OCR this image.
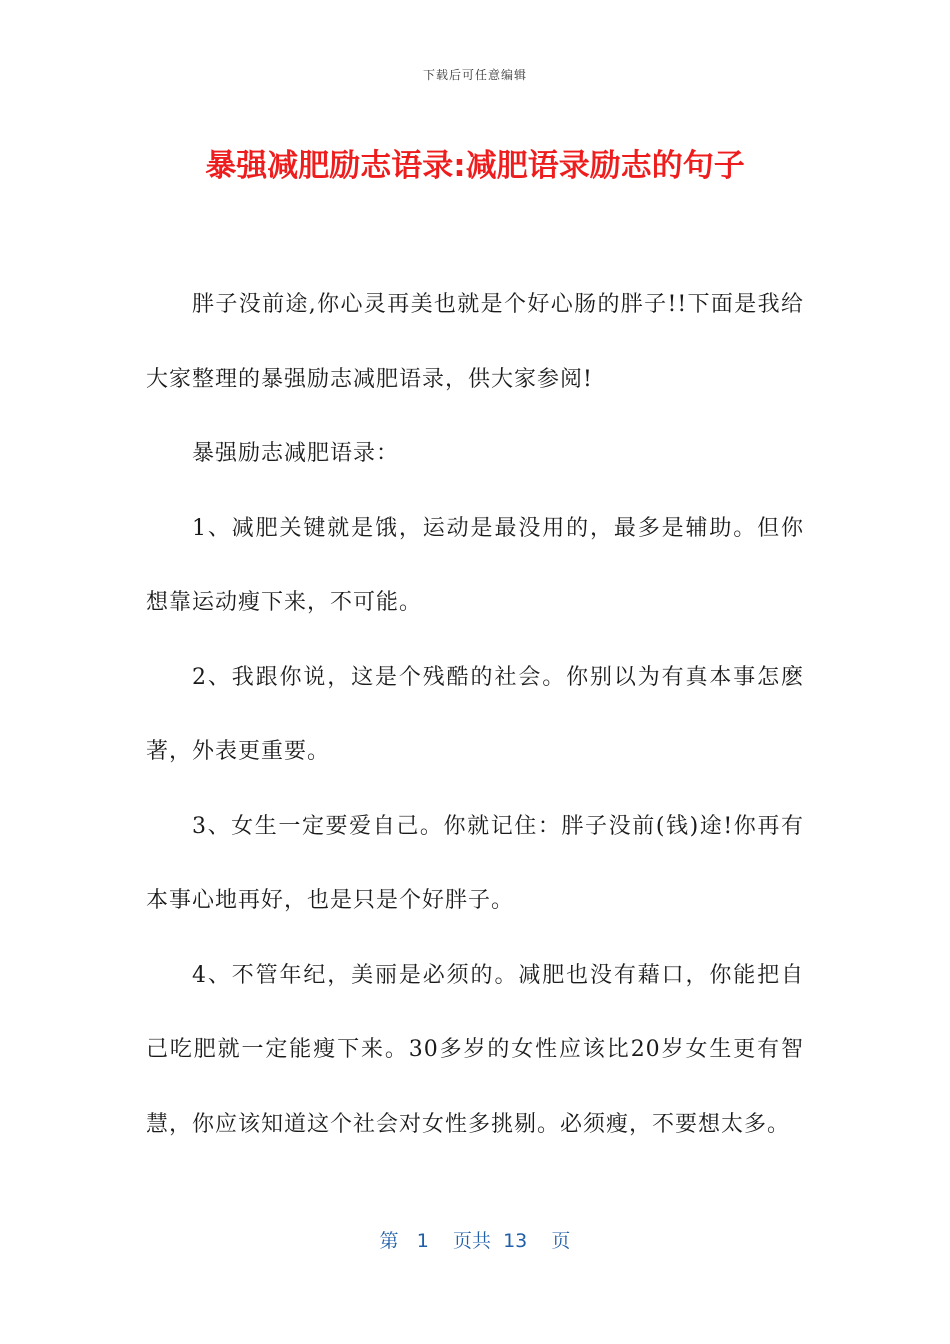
下载后可任意编辑
暴强减肥励志语录:减肥语录励志的句子

胖子没前途,你心灵再美也就是个好心肠的胖子!!下面是我给大家整理的暴强励志减肥语录，供大家参阅!

暴强励志减肥语录：

1、减肥关键就是饿，运动是最没用的，最多是辅助。但你想靠运动瘦下来，不可能。

2、我跟你说，这是个残酷的社会。你别以为有真本事怎麽著，外表更重要。

3、女生一定要爱自己。你就记住：胖子没前(钱)途!你再有本事心地再好，也是只是个好胖子。

4、不管年纪，美丽是必须的。减肥也没有藉口，你能把自己吃肥就一定能瘦下来。30多岁的女性应该比20岁女生更有智慧，你应该知道这个社会对女性多挑剔。必须瘦，不要想太多。

第 1 页共 13 页
